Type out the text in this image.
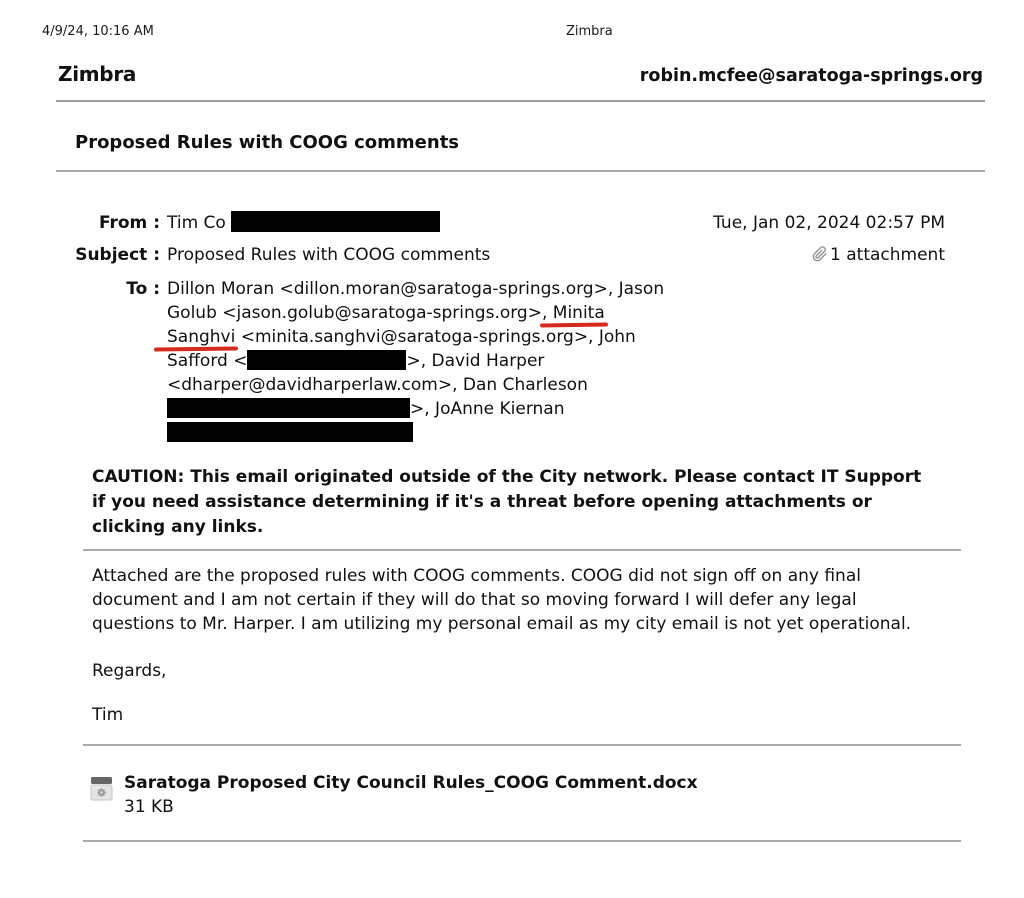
4/9/24, 10:16 AM	Zimbra
Zimbra	robin.mcfee@saratoga-springs.org
Proposed Rules with COOG comments
From : Tim Co	Tue, Jan 02, 2024 02:57 PM
Subject : Proposed Rules with COOG comments	1 attachment
To : Dillon Moran <dillon.moran@saratoga-springs.org>, Jason
Golub <jason.golub@saratoga-springs.org>, Minita
Sanghvi <minita.sanghvi@saratoga-springs.org>, John
Safford <	>, David Harper
<dharper@davidharperlaw.com>, Dan Charleson
>, JoAnne Kiernan
CAUTION: This email originated outside of the City network. Please contact IT Support if you need assistance determining if it's a threat before opening attachments or clicking any links.
Attached are the proposed rules with COOG comments. COOG did not sign off on any final document and I am not certain if they will do that so moving forward I will defer any legal questions to Mr. Harper. I am utilizing my personal email as my city email is not yet operational.
Regards,
Tim
Saratoga Proposed City Council Rules_COOG Comment.docx
31 KB
